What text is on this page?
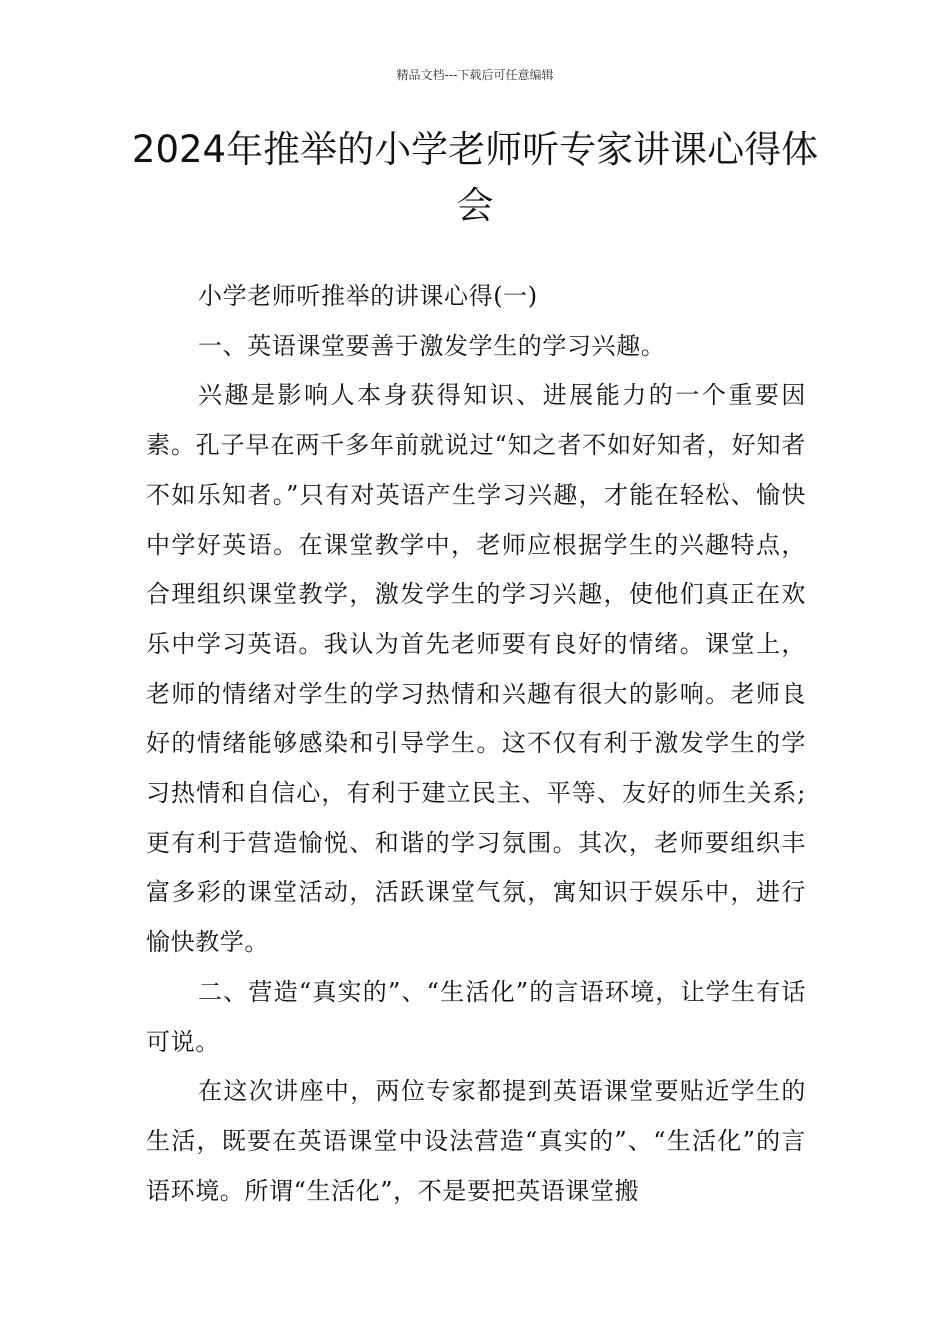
精品文档---下载后可任意编辑
2024年推举的小学老师听专家讲课心得体会

小学老师听推举的讲课心得(一)

一、英语课堂要善于激发学生的学习兴趣。

兴趣是影响人本身获得知识、进展能力的一个重要因素。孔子早在两千多年前就说过“知之者不如好知者，好知者不如乐知者。”只有对英语产生学习兴趣，才能在轻松、愉快中学好英语。在课堂教学中，老师应根据学生的兴趣特点，合理组织课堂教学，激发学生的学习兴趣，使他们真正在欢乐中学习英语。我认为首先老师要有良好的情绪。课堂上，老师的情绪对学生的学习热情和兴趣有很大的影响。老师良好的情绪能够感染和引导学生。这不仅有利于激发学生的学习热情和自信心，有利于建立民主、平等、友好的师生关系;更有利于营造愉悦、和谐的学习氛围。其次，老师要组织丰富多彩的课堂活动，活跃课堂气氛，寓知识于娱乐中，进行愉快教学。

二、营造“真实的”、“生活化”的言语环境，让学生有话可说。

在这次讲座中，两位专家都提到英语课堂要贴近学生的生活，既要在英语课堂中设法营造“真实的”、“生活化”的言语环境。所谓“生活化”，不是要把英语课堂搬
